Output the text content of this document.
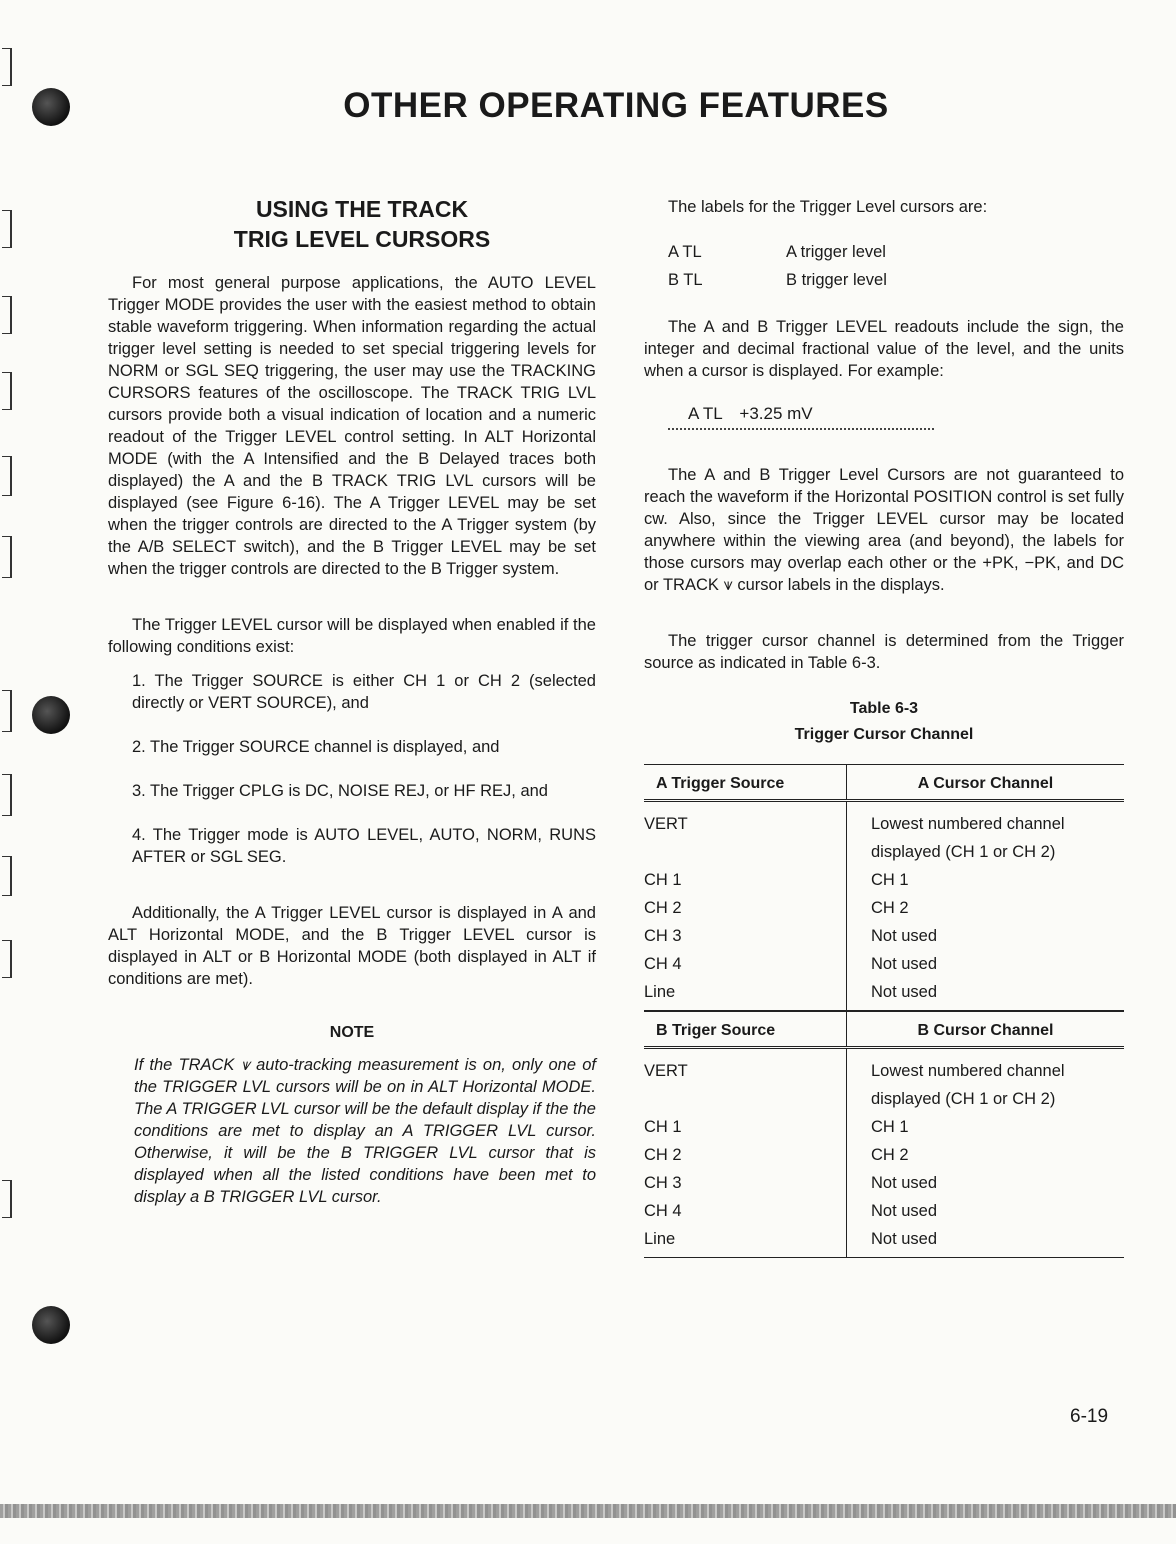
OTHER OPERATING FEATURES
USING THE TRACK
TRIG LEVEL CURSORS

For most general purpose applications, the AUTO LEVEL Trigger MODE provides the user with the easiest method to obtain stable waveform triggering. When information regarding the actual trigger level setting is needed to set special triggering levels for NORM or SGL SEQ triggering, the user may use the TRACKING CURSORS features of the oscilloscope. The TRACK TRIG LVL cursors provide both a visual indication of location and a numeric readout of the Trigger LEVEL control setting. In ALT Horizontal MODE (with the A Intensified and the B Delayed traces both displayed) the A and the B TRACK TRIG LVL cursors will be displayed (see Figure 6-16). The A Trigger LEVEL may be set when the trigger controls are directed to the A Trigger system (by the A/B SELECT switch), and the B Trigger LEVEL may be set when the trigger controls are directed to the B Trigger system.

The Trigger LEVEL cursor will be displayed when enabled if the following conditions exist:

1. The Trigger SOURCE is either CH 1 or CH 2 (selected directly or VERT SOURCE), and
2. The Trigger SOURCE channel is displayed, and
3. The Trigger CPLG is DC, NOISE REJ, or HF REJ, and
4. The Trigger mode is AUTO LEVEL, AUTO, NORM, RUNS AFTER or SGL SEG.

Additionally, the A Trigger LEVEL cursor is displayed in A and ALT Horizontal MODE, and the B Trigger LEVEL cursor is displayed in ALT or B Horizontal MODE (both displayed in ALT if conditions are met).

NOTE
If the TRACK ⩛ auto-tracking measurement is on, only one of the TRIGGER LVL cursors will be on in ALT Horizontal MODE. The A TRIGGER LVL cursor will be the default display if the the conditions are met to display an A TRIGGER LVL cursor. Otherwise, it will be the B TRIGGER LVL cursor that is displayed when all the listed conditions have been met to display a B TRIGGER LVL cursor.

The labels for the Trigger Level cursors are:

A TL	A trigger level
B TL	B trigger level

The A and B Trigger LEVEL readouts include the sign, the integer and decimal fractional value of the level, and the units when a cursor is displayed. For example:

A TL +3.25 mV

The A and B Trigger Level Cursors are not guaranteed to reach the waveform if the Horizontal POSITION control is set fully cw. Also, since the Trigger LEVEL cursor may be located anywhere within the viewing area (and beyond), the labels for those cursors may overlap each other or the +PK, −PK, and DC or TRACK ⩛ cursor labels in the displays.

The trigger cursor channel is determined from the Trigger source as indicated in Table 6-3.

Table 6-3
Trigger Cursor Channel
A Trigger Source	A Cursor Channel
VERT	Lowest numbered channel displayed (CH 1 or CH 2)
CH 1	CH 1
CH 2	CH 2
CH 3	Not used
CH 4	Not used
Line	Not used
B Triger Source	B Cursor Channel
VERT	Lowest numbered channel displayed (CH 1 or CH 2)
CH 1	CH 1
CH 2	CH 2
CH 3	Not used
CH 4	Not used
Line	Not used
6-19
